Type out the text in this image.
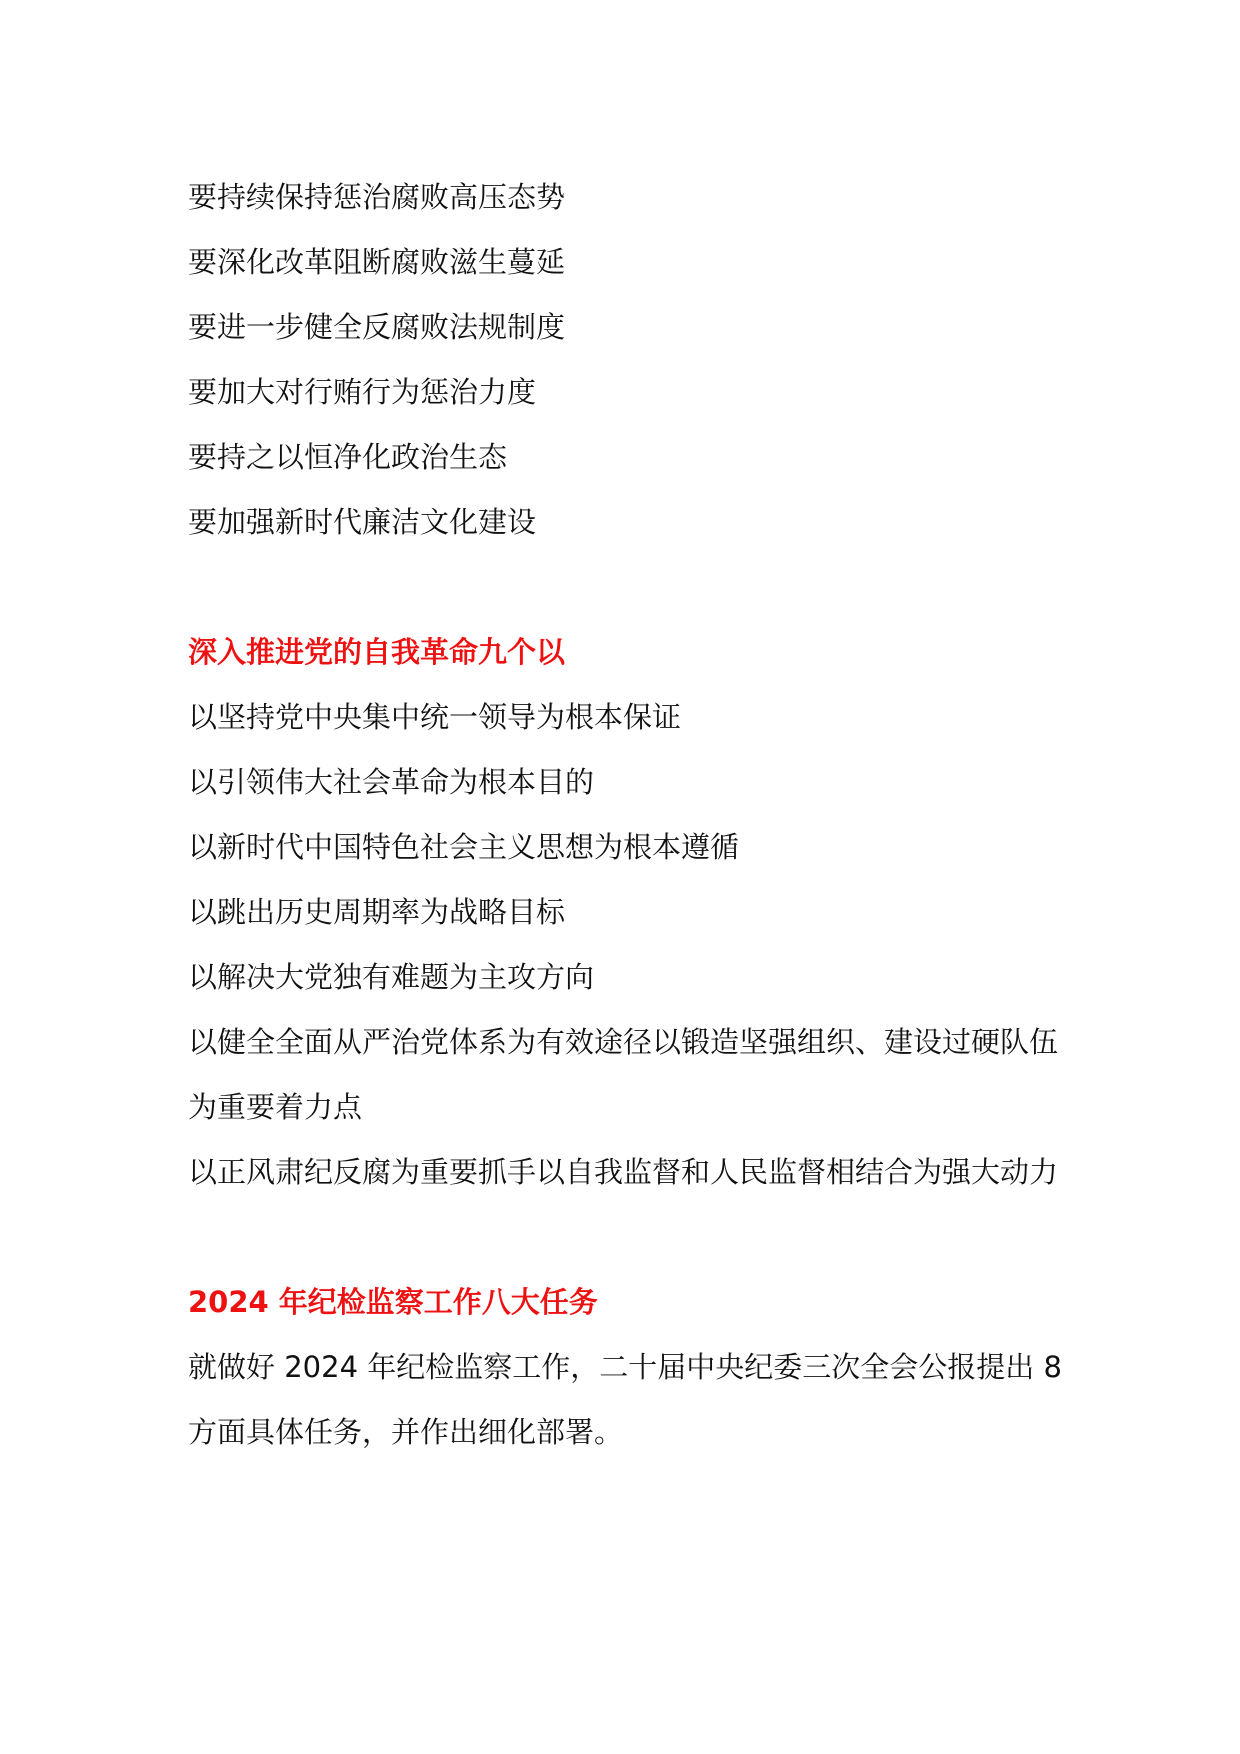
要持续保持惩治腐败高压态势

要深化改革阻断腐败滋生蔓延

要进一步健全反腐败法规制度

要加大对行贿行为惩治力度

要持之以恒净化政治生态

要加强新时代廉洁文化建设

深入推进党的自我革命九个以

以坚持党中央集中统一领导为根本保证

以引领伟大社会革命为根本目的

以新时代中国特色社会主义思想为根本遵循

以跳出历史周期率为战略目标

以解决大党独有难题为主攻方向

以健全全面从严治党体系为有效途径以锻造坚强组织、建设过硬队伍为重要着力点

以正风肃纪反腐为重要抓手以自我监督和人民监督相结合为强大动力

2024 年纪检监察工作八大任务

就做好 2024 年纪检监察工作，二十届中央纪委三次全会公报提出 8 方面具体任务，并作出细化部署。
